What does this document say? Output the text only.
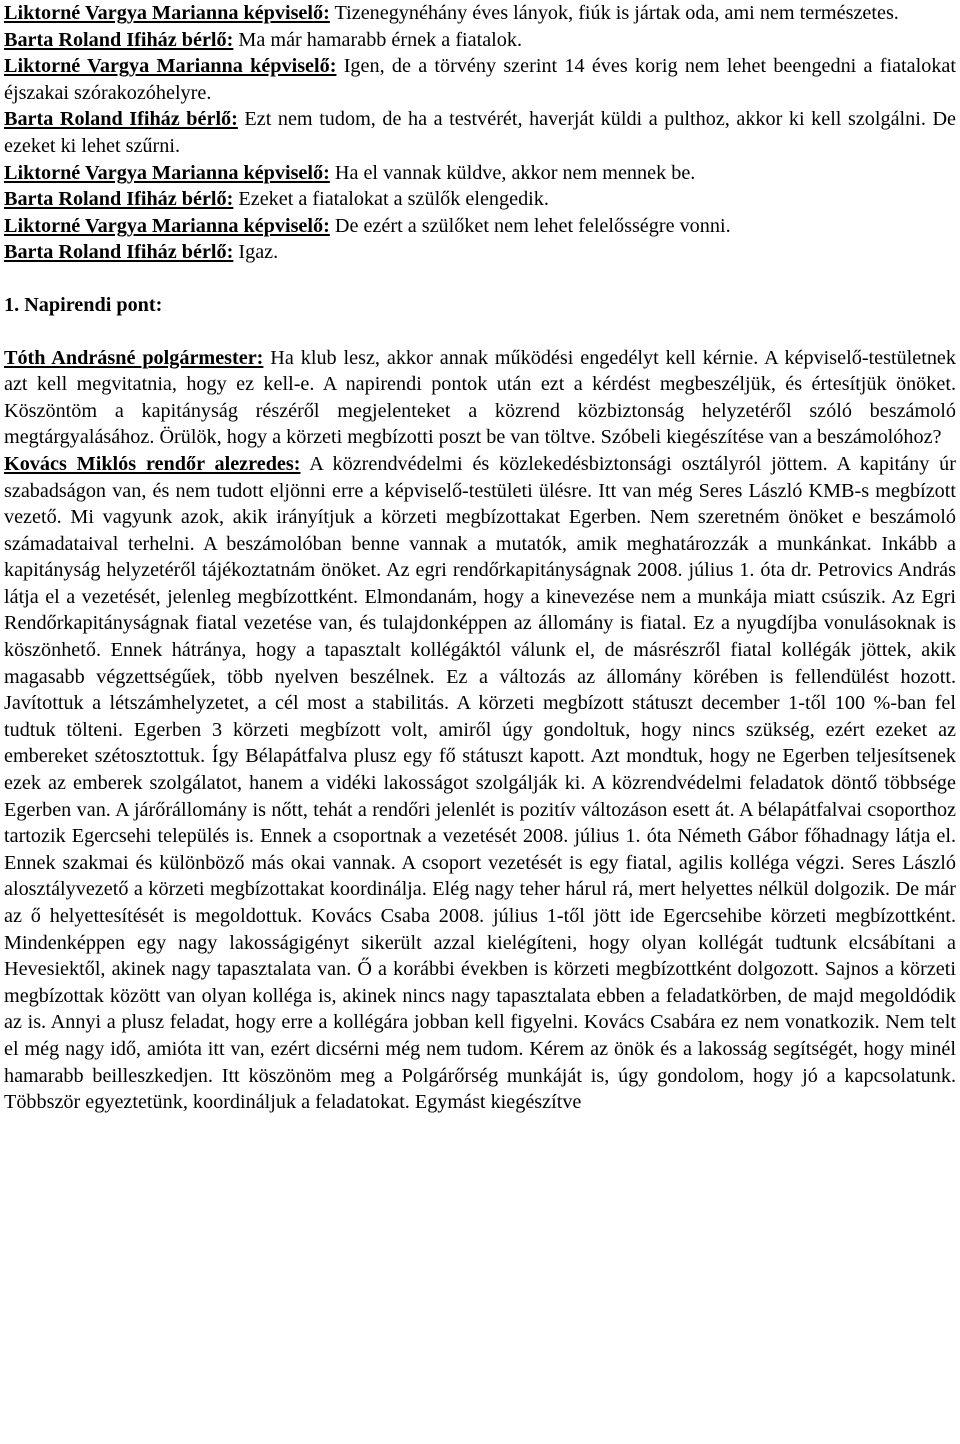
Liktorné Vargya Marianna képviselő: Tizenegynéhány éves lányok, fiúk is jártak oda, ami nem természetes.

Barta Roland Ifiház bérlő: Ma már hamarabb érnek a fiatalok.

Liktorné Vargya Marianna képviselő: Igen, de a törvény szerint 14 éves korig nem lehet beengedni a fiatalokat éjszakai szórakozóhelyre.

Barta Roland Ifiház bérlő: Ezt nem tudom, de ha a testvérét, haverját küldi a pulthoz, akkor ki kell szolgálni. De ezeket ki lehet szűrni.

Liktorné Vargya Marianna képviselő: Ha el vannak küldve, akkor nem mennek be.

Barta Roland Ifiház bérlő: Ezeket a fiatalokat a szülők elengedik.

Liktorné Vargya Marianna képviselő: De ezért a szülőket nem lehet felelősségre vonni.

Barta Roland Ifiház bérlő: Igaz.

1. Napirendi pont:

Tóth Andrásné polgármester: Ha klub lesz, akkor annak működési engedélyt kell kérnie. A képviselő-testületnek azt kell megvitatnia, hogy ez kell-e. A napirendi pontok után ezt a kérdést megbeszéljük, és értesítjük önöket. Köszöntöm a kapitányság részéről megjelenteket a közrend közbiztonság helyzetéről szóló beszámoló megtárgyalásához. Örülök, hogy a körzeti megbízotti poszt be van töltve. Szóbeli kiegészítése van a beszámolóhoz?

Kovács Miklós rendőr alezredes: A közrendvédelmi és közlekedésbiztonsági osztályról jöttem. A kapitány úr szabadságon van, és nem tudott eljönni erre a képviselő-testületi ülésre. Itt van még Seres László KMB-s megbízott vezető. Mi vagyunk azok, akik irányítjuk a körzeti megbízottakat Egerben. Nem szeretném önöket e beszámoló számadataival terhelni. A beszámolóban benne vannak a mutatók, amik meghatározzák a munkánkat. Inkább a kapitányság helyzetéről tájékoztatnám önöket. Az egri rendőrkapitányságnak 2008. július 1. óta dr. Petrovics András látja el a vezetését, jelenleg megbízottként. Elmondanám, hogy a kinevezése nem a munkája miatt csúszik. Az Egri Rendőrkapitányságnak fiatal vezetése van, és tulajdonképpen az állomány is fiatal. Ez a nyugdíjba vonulásoknak is köszönhető. Ennek hátránya, hogy a tapasztalt kollégáktól válunk el, de másrészről fiatal kollégák jöttek, akik magasabb végzettségűek, több nyelven beszélnek. Ez a változás az állomány körében is fellendülést hozott. Javítottuk a létszámhelyzetet, a cél most a stabilitás. A körzeti megbízott státuszt december 1-től 100 %-ban fel tudtuk tölteni. Egerben 3 körzeti megbízott volt, amiről úgy gondoltuk, hogy nincs szükség, ezért ezeket az embereket szétosztottuk. Így Bélapátfalva plusz egy fő státuszt kapott. Azt mondtuk, hogy ne Egerben teljesítsenek ezek az emberek szolgálatot, hanem a vidéki lakosságot szolgálják ki. A közrendvédelmi feladatok döntő többsége Egerben van. A járőrállomány is nőtt, tehát a rendőri jelenlét is pozitív változáson esett át. A bélapátfalvai csoporthoz tartozik Egercsehi település is. Ennek a csoportnak a vezetését 2008. július 1. óta Németh Gábor főhadnagy látja el. Ennek szakmai és különböző más okai vannak. A csoport vezetését is egy fiatal, agilis kolléga végzi. Seres László alosztályvezető a körzeti megbízottakat koordinálja. Elég nagy teher hárul rá, mert helyettes nélkül dolgozik. De már az ő helyettesítését is megoldottuk. Kovács Csaba 2008. július 1-től jött ide Egercsehibe körzeti megbízottként. Mindenképpen egy nagy lakosságigényt sikerült azzal kielégíteni, hogy olyan kollégát tudtunk elcsábítani a Hevesiektől, akinek nagy tapasztalata van. Ő a korábbi években is körzeti megbízottként dolgozott. Sajnos a körzeti megbízottak között van olyan kolléga is, akinek nincs nagy tapasztalata ebben a feladatkörben, de majd megoldódik az is. Annyi a plusz feladat, hogy erre a kollégára jobban kell figyelni. Kovács Csabára ez nem vonatkozik. Nem telt el még nagy idő, amióta itt van, ezért dicsérni még nem tudom. Kérem az önök és a lakosság segítségét, hogy minél hamarabb beilleszkedjen. Itt köszönöm meg a Polgárőrség munkáját is, úgy gondolom, hogy jó a kapcsolatunk. Többször egyeztetünk, koordináljuk a feladatokat. Egymást kiegészítve
